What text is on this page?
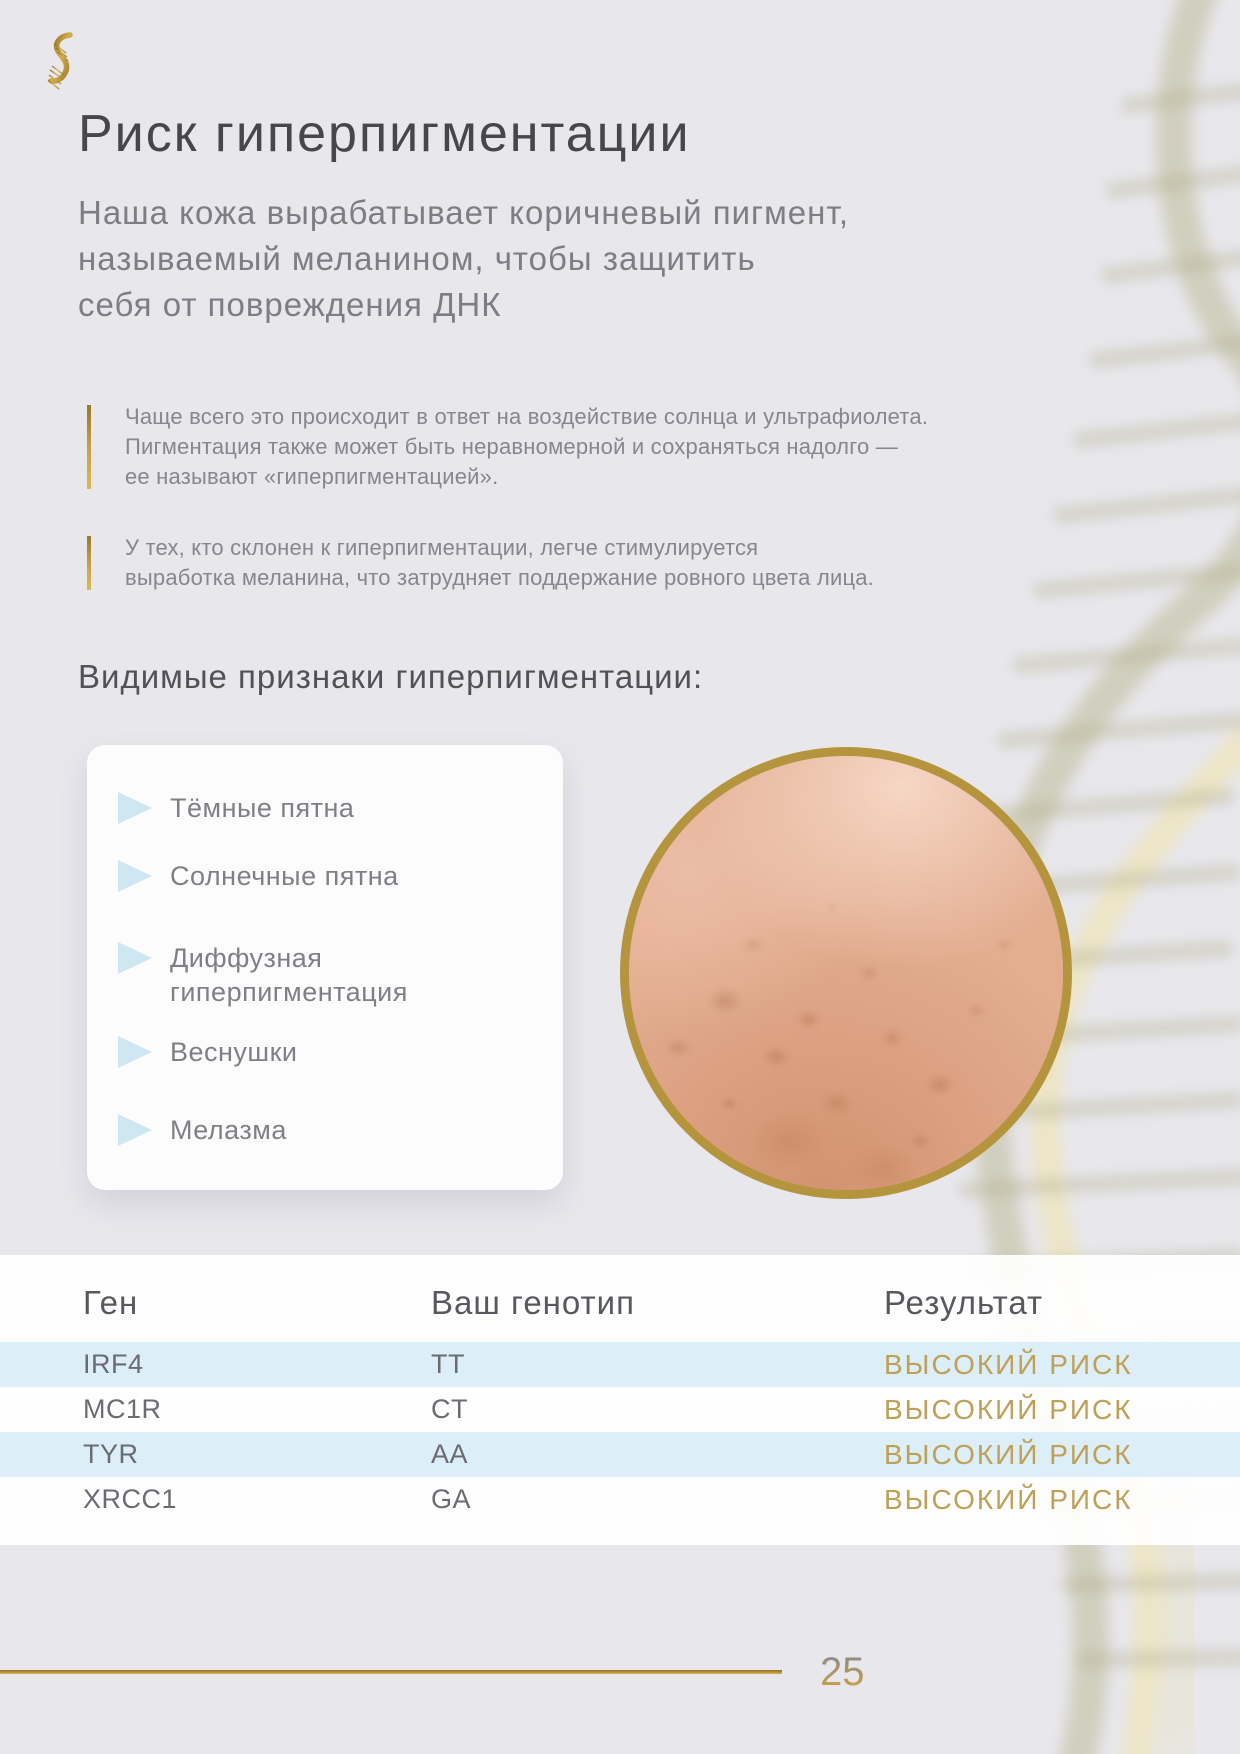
Риск гиперпигментации
Наша кожа вырабатывает коричневый пигмент,
называемый меланином, чтобы защитить
себя от повреждения ДНК
Чаще всего это происходит в ответ на воздействие солнца и ультрафиолета.
Пигментация также может быть неравномерной и сохраняться надолго —
ее называют «гиперпигментацией».
У тех, кто склонен к гиперпигментации, легче стимулируется
выработка меланина, что затрудняет поддержание ровного цвета лица.
Видимые признаки гиперпигментации:
Тёмные пятна
Солнечные пятна
Диффузная гиперпигментация
Веснушки
Мелазма
Ген	Ваш генотип	Результат
IRF4	TT	ВЫСОКИЙ РИСК
MC1R	CT	ВЫСОКИЙ РИСК
TYR	AA	ВЫСОКИЙ РИСК
XRCC1	GA	ВЫСОКИЙ РИСК
25
